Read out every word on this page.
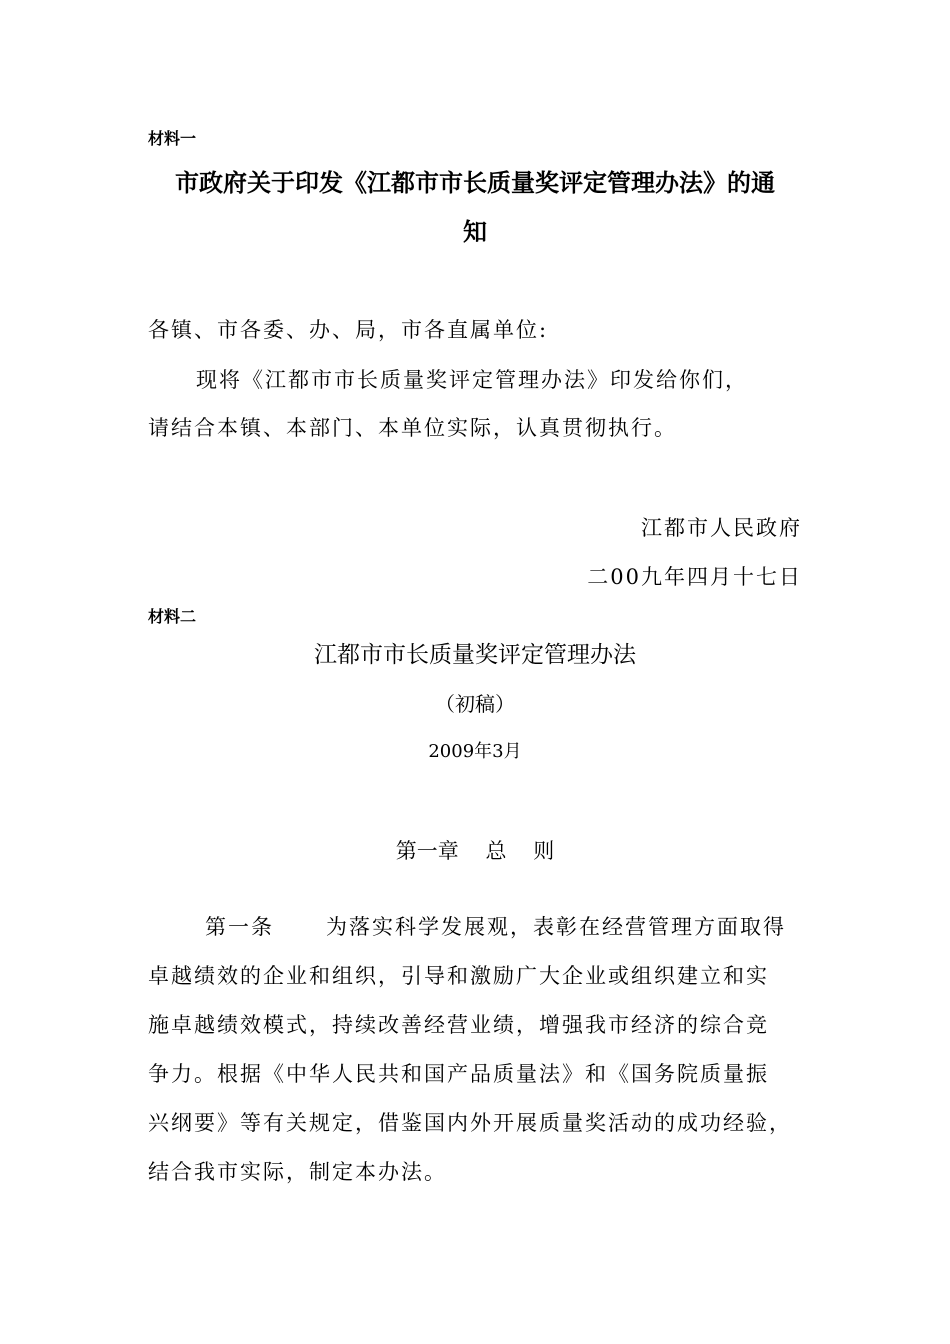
材料一
市政府关于印发《江都市市长质量奖评定管理办法》的通
知
各镇、市各委、办、局，市各直属单位:
现将《江都市市长质量奖评定管理办法》印发给你们，
请结合本镇、本部门、本单位实际，认真贯彻执行。
江都市人民政府
二00九年四月十七日
材料二
江都市市长质量奖评定管理办法
（初稿）
2009年3月
第一章    总    则
第一条      为落实科学发展观，表彰在经营管理方面取得
卓越绩效的企业和组织，引导和激励广大企业或组织建立和实
施卓越绩效模式，持续改善经营业绩，增强我市经济的综合竞
争力。根据《中华人民共和国产品质量法》和《国务院质量振
兴纲要》等有关规定，借鉴国内外开展质量奖活动的成功经验，
结合我市实际，制定本办法。
